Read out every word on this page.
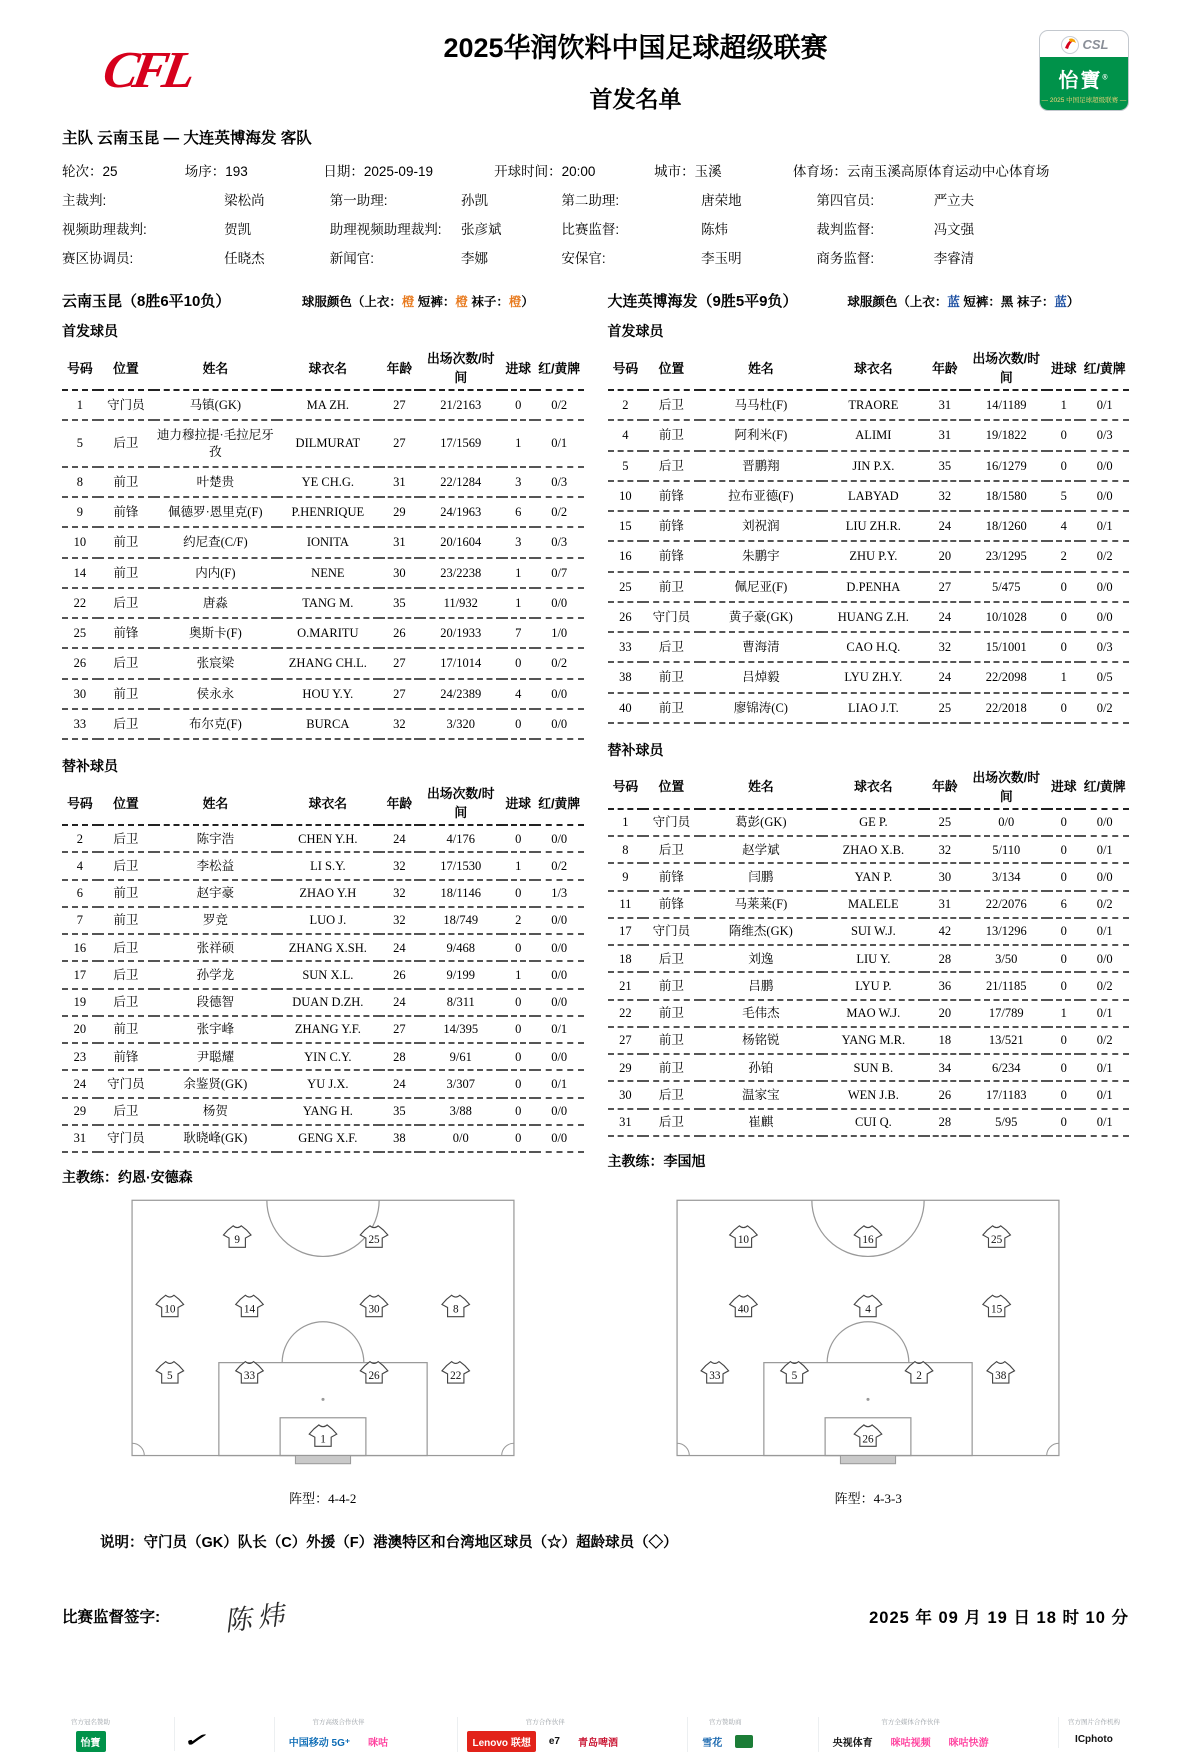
CFL	2025华润饮料中国足球超级联赛
首发名单
CSL
怡寶®
— 2025 中国足球超级联赛 —
主队 云南玉昆 — 大连英博海发 客队
轮次：25	场序：193	日期：2025-09-19	开球时间：20:00	城市：玉溪	体育场：云南玉溪高原体育运动中心体育场
主裁判:	梁松尚	第一助理:	孙凯	第二助理:	唐荣地	第四官员:	严立夫
视频助理裁判:	贺凯	助理视频助理裁判:	张彦斌	比赛监督:	陈炜	裁判监督:	冯文强
赛区协调员:	任晓杰	新闻官:	李娜	安保官:	李玉明	商务监督:	李睿清
云南玉昆（8胜6平10负）	球服颜色（上衣：橙 短裤：橙 袜子：橙）
首发球员
号码	位置	姓名	球衣名	年龄	出场次数/时间	进球	红/黄牌
1	守门员	马镇(GK)	MA ZH.	27	21/2163	0	0/2
5	后卫	迪力穆拉提·毛拉尼牙孜	DILMURAT	27	17/1569	1	0/1
8	前卫	叶楚贵	YE CH.G.	31	22/1284	3	0/3
9	前锋	佩德罗·恩里克(F)	P.HENRIQUE	29	24/1963	6	0/2
10	前卫	约尼查(C/F)	IONITA	31	20/1604	3	0/3
14	前卫	内内(F)	NENE	30	23/2238	1	0/7
22	后卫	唐淼	TANG M.	35	11/932	1	0/0
25	前锋	奥斯卡(F)	O.MARITU	26	20/1933	7	1/0
26	后卫	张宸梁	ZHANG CH.L.	27	17/1014	0	0/2
30	前卫	侯永永	HOU Y.Y.	27	24/2389	4	0/0
33	后卫	布尔克(F)	BURCA	32	3/320	0	0/0
替补球员
号码	位置	姓名	球衣名	年龄	出场次数/时间	进球	红/黄牌
2	后卫	陈宇浩	CHEN Y.H.	24	4/176	0	0/0
4	后卫	李松益	LI S.Y.	32	17/1530	1	0/2
6	前卫	赵宇豪	ZHAO Y.H	32	18/1146	0	1/3
7	前卫	罗竞	LUO J.	32	18/749	2	0/0
16	后卫	张祥硕	ZHANG X.SH.	24	9/468	0	0/0
17	后卫	孙学龙	SUN X.L.	26	9/199	1	0/0
19	后卫	段德智	DUAN D.ZH.	24	8/311	0	0/0
20	前卫	张宇峰	ZHANG Y.F.	27	14/395	0	0/1
23	前锋	尹聪耀	YIN C.Y.	28	9/61	0	0/0
24	守门员	余鉴贤(GK)	YU J.X.	24	3/307	0	0/1
29	后卫	杨贺	YANG H.	35	3/88	0	0/0
31	守门员	耿晓峰(GK)	GENG X.F.	38	0/0	0	0/0
主教练：约恩·安德森
大连英博海发（9胜5平9负）	球服颜色（上衣：蓝 短裤：黑 袜子：蓝）
首发球员
号码	位置	姓名	球衣名	年龄	出场次数/时间	进球	红/黄牌
2	后卫	马马杜(F)	TRAORE	31	14/1189	1	0/1
4	前卫	阿利米(F)	ALIMI	31	19/1822	0	0/3
5	后卫	晋鹏翔	JIN P.X.	35	16/1279	0	0/0
10	前锋	拉布亚德(F)	LABYAD	32	18/1580	5	0/0
15	前锋	刘祝润	LIU ZH.R.	24	18/1260	4	0/1
16	前锋	朱鹏宇	ZHU P.Y.	20	23/1295	2	0/2
25	前卫	佩尼亚(F)	D.PENHA	27	5/475	0	0/0
26	守门员	黄子豪(GK)	HUANG Z.H.	24	10/1028	0	0/0
33	后卫	曹海清	CAO H.Q.	32	15/1001	0	0/3
38	前卫	吕焯毅	LYU ZH.Y.	24	22/2098	1	0/5
40	前卫	廖锦涛(C)	LIAO J.T.	25	22/2018	0	0/2
替补球员
号码	位置	姓名	球衣名	年龄	出场次数/时间	进球	红/黄牌
1	守门员	葛彭(GK)	GE P.	25	0/0	0	0/0
8	后卫	赵学斌	ZHAO X.B.	32	5/110	0	0/1
9	前锋	闫鹏	YAN P.	30	3/134	0	0/0
11	前锋	马莱莱(F)	MALELE	31	22/2076	6	0/2
17	守门员	隋维杰(GK)	SUI W.J.	42	13/1296	0	0/1
18	后卫	刘逸	LIU Y.	28	3/50	0	0/0
21	前卫	吕鹏	LYU P.	36	21/1185	0	0/2
22	前卫	毛伟杰	MAO W.J.	20	17/789	1	0/1
27	前卫	杨铭锐	YANG M.R.	18	13/521	0	0/2
29	前卫	孙铂	SUN B.	34	6/234	0	0/1
30	后卫	温家宝	WEN J.B.	26	17/1183	0	0/1
31	后卫	崔麒	CUI Q.	28	5/95	0	0/1
主教练：李国旭
9	25
10	14	30	8
5	33	26	22
1
阵型：4-4-2
10	16	25
40	4	15
33	5	2	38
26
阵型：4-3-3
说明：守门员（GK）队长（C）外援（F）港澳特区和台湾地区球员（☆）超龄球员（◇）
比赛监督签字: 陈炜	2025 年 09 月 19 日 18 时 10 分
官方冠名赞助
怡寶	✓
官方高级合作伙伴
中国移动 5G⁺	咪咕
官方合作伙伴
Lenovo 联想	e7	青岛啤酒
官方赞助商
雪花
官方全媒体合作伙伴
央视体育	咪咕视频	咪咕快游
官方图片合作机构
ICphoto
